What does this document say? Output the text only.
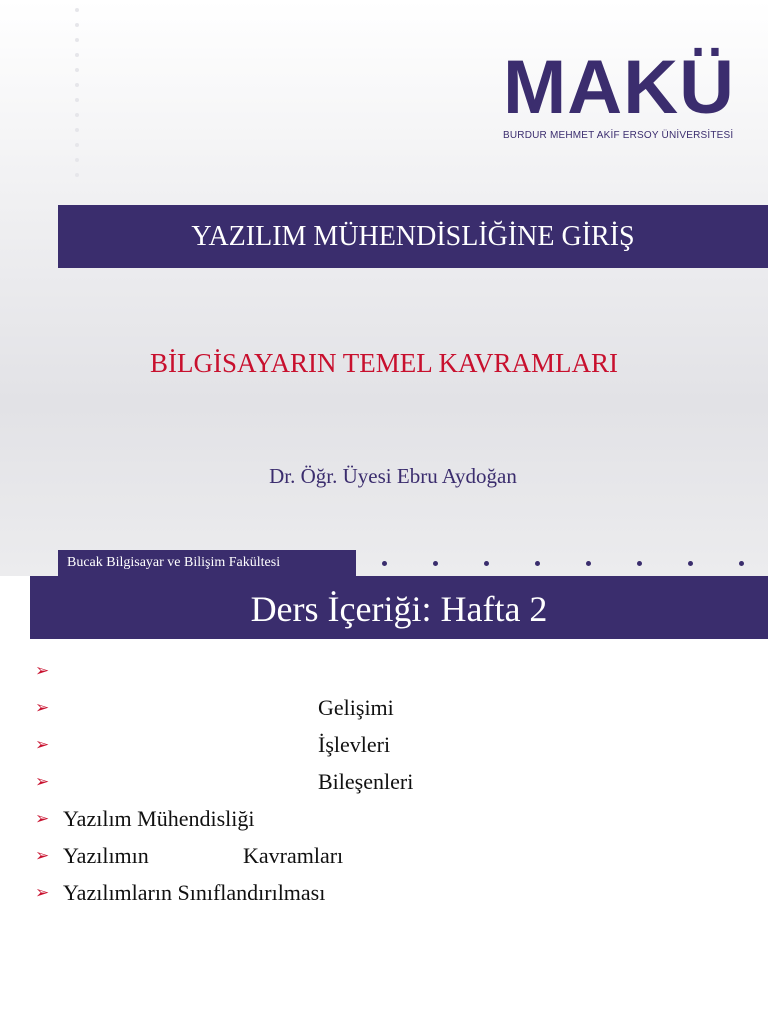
MAKÜ
BURDUR MEHMET AKİF ERSOY ÜNİVERSİTESİ
YAZILIM MÜHENDİSLİĞİNE GİRİŞ
BİLGİSAYARIN TEMEL KAVRAMLARI
Dr. Öğr. Üyesi Ebru Aydoğan
Bucak Bilgisayar ve Bilişim Fakültesi
Ders İçeriği: Hafta 2
➢
➢	Gelişimi
➢	İşlevleri
➢	Bileşenleri
➢ Yazılım Mühendisliği
➢ Yazılımın	Kavramları
➢ Yazılımların Sınıflandırılması
